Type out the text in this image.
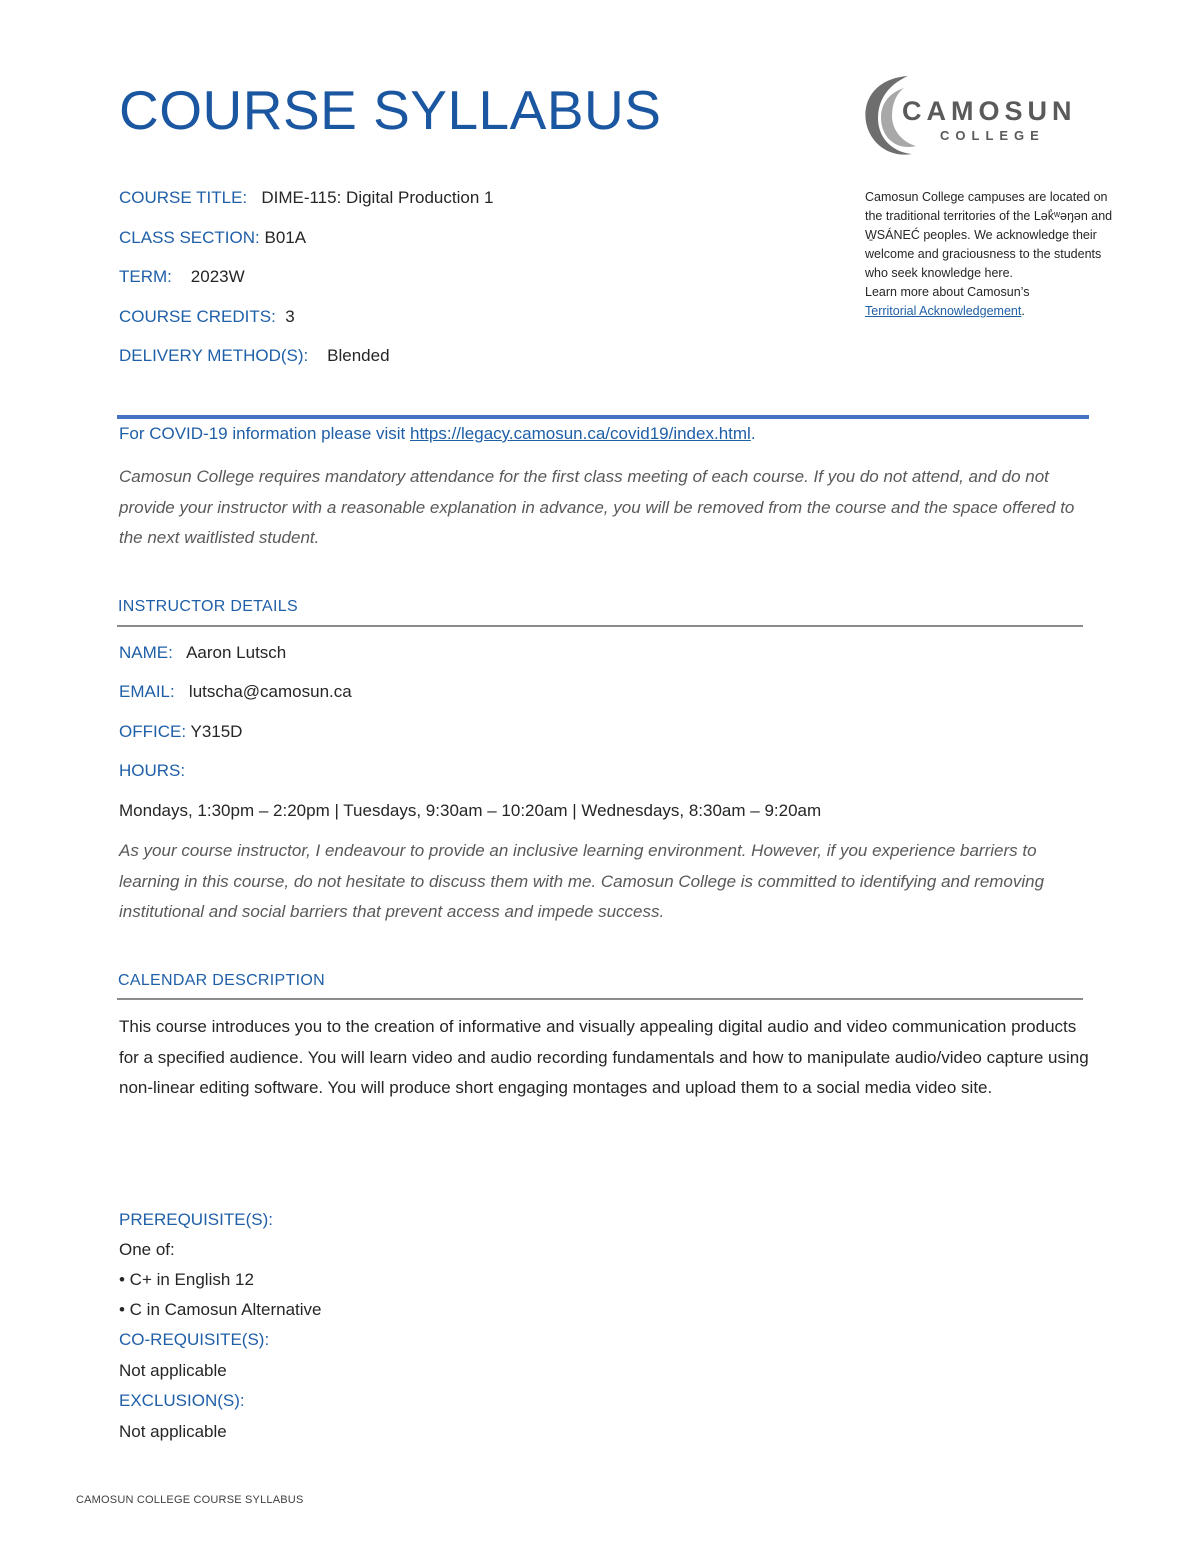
COURSE SYLLABUS	CAMOSUN
COLLEGE
COURSE TITLE: DIME-115: Digital Production 1
CLASS SECTION: B01A
TERM: 2023W
COURSE CREDITS: 3
DELIVERY METHOD(S): Blended
Camosun College campuses are located on the traditional territories of the Lək̓ʷəŋən and W̱SÁNEĆ peoples. We acknowledge their welcome and graciousness to the students who seek knowledge here.
Learn more about Camosun’s
Territorial Acknowledgement.
For COVID-19 information please visit https://legacy.camosun.ca/covid19/index.html.
Camosun College requires mandatory attendance for the first class meeting of each course. If you do not attend, and do not provide your instructor with a reasonable explanation in advance, you will be removed from the course and the space offered to the next waitlisted student.
INSTRUCTOR DETAILS
NAME: Aaron Lutsch
EMAIL: lutscha@camosun.ca
OFFICE: Y315D
HOURS:
Mondays, 1:30pm – 2:20pm | Tuesdays, 9:30am – 10:20am | Wednesdays, 8:30am – 9:20am
As your course instructor, I endeavour to provide an inclusive learning environment. However, if you experience barriers to learning in this course, do not hesitate to discuss them with me. Camosun College is committed to identifying and removing institutional and social barriers that prevent access and impede success.
CALENDAR DESCRIPTION
This course introduces you to the creation of informative and visually appealing digital audio and video communication products for a specified audience. You will learn video and audio recording fundamentals and how to manipulate audio/video capture using non-linear editing software. You will produce short engaging montages and upload them to a social media video site.
PREREQUISITE(S):
One of:
• C+ in English 12
• C in Camosun Alternative
CO-REQUISITE(S):
Not applicable
EXCLUSION(S):
Not applicable
CAMOSUN COLLEGE COURSE SYLLABUS
